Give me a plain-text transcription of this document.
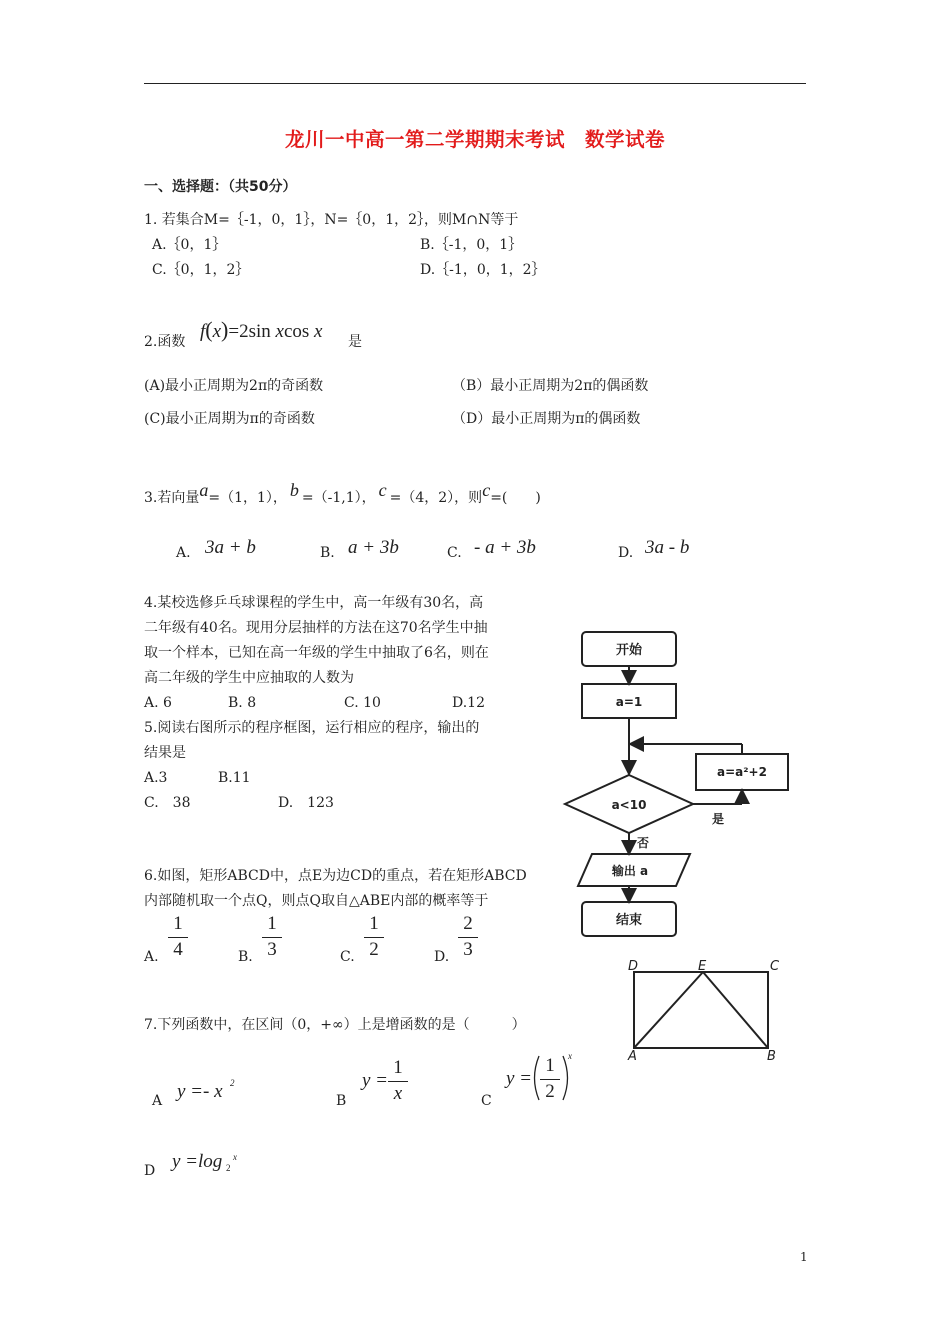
龙川一中高一第二学期期末考试　数学试卷
一、选择题：（共50分）
1. 若集合M=｛-1，0，1｝，N=｛0，1，2｝，则M∩N等于
A.｛0，1｝	B.｛-1，0，1｝
C.｛0，1，2｝	D.｛-1，0，1，2｝
2.函数 f(x)=2sin xcos x 是
(A)最小正周期为2π的奇函数	（B）最小正周期为2π的偶函数
(C)最小正周期为π的奇函数	（D）最小正周期为π的偶函数
3.若向量a=（1，1）， b =（-1,1）， c =（4，2），则c=(　　)
A. 3a + b	B. a + 3b	C. - a + 3b	D. 3a - b
4.某校选修乒乓球课程的学生中，高一年级有30名，高
二年级有40名。现用分层抽样的方法在这70名学生中抽
取一个样本，已知在高一年级的学生中抽取了6名，则在
高二年级的学生中应抽取的人数为
A. 6	B. 8	C. 10	D.12
5.阅读右图所示的程序框图，运行相应的程序，输出的
结果是
A.3	B.11
C.　38	D.　123
开始
a=1
a<10
a=a²+2
是
否
输出 a
结束
6.如图，矩形ABCD中，点E为边CD的重点，若在矩形ABCD
内部随机取一个点Q，则点Q取自△ABE内部的概率等于
A.
1
4	B.
1
3	C.
1
2	D.
2
3
D	E	C
A	B
7.下列函数中，在区间（0，+∞）上是增函数的是（　　　）
A y =- x 2
B
y =
1
x	C
y =
1
2
x
D y =log 2
x
1
